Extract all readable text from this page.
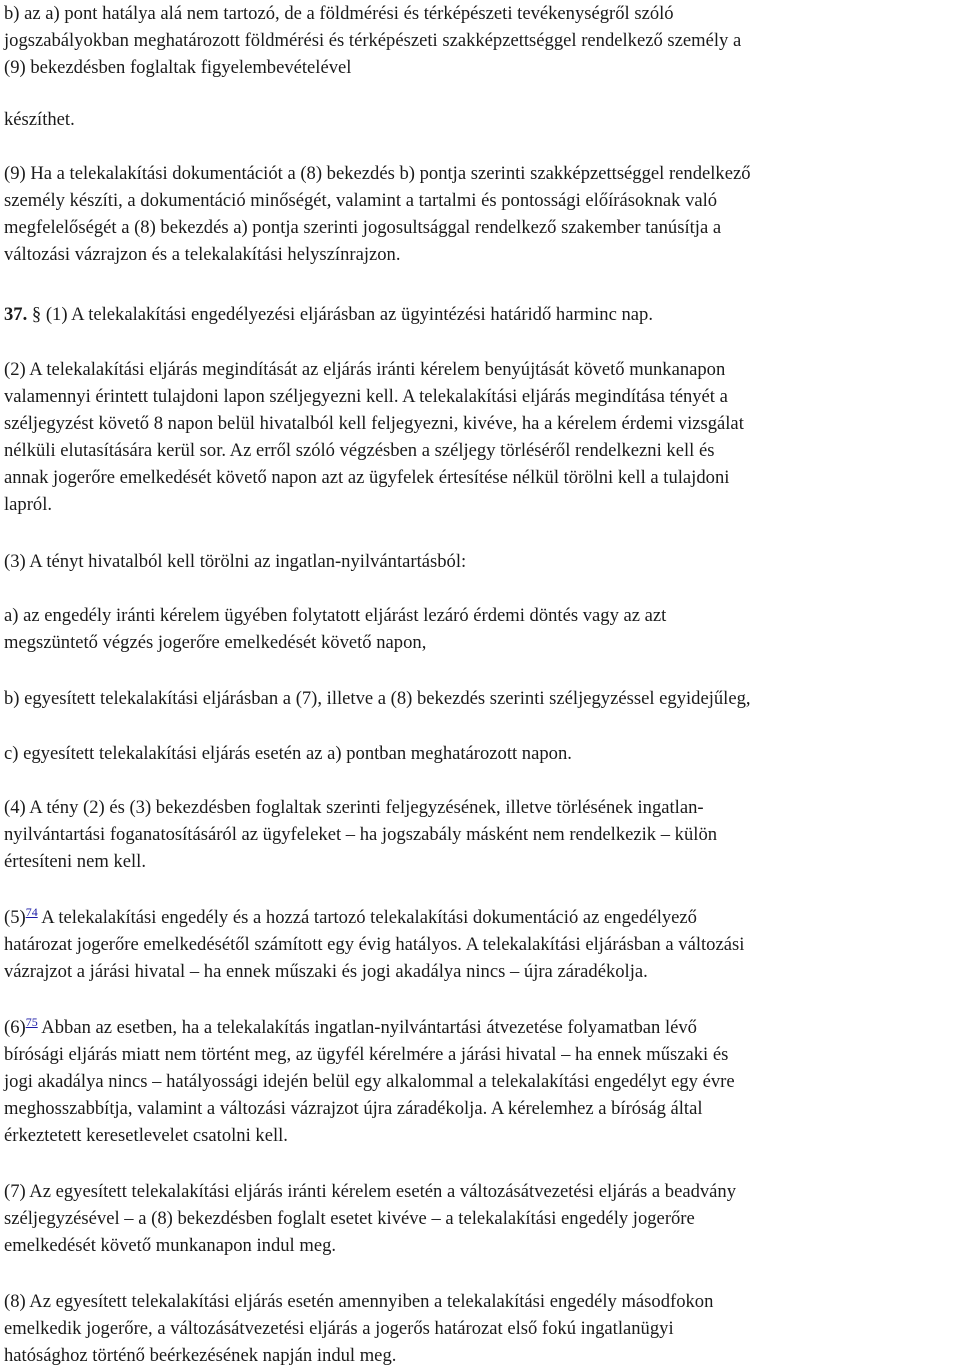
b) az a) pont hatálya alá nem tartozó, de a földmérési és térképészeti tevékenységről szóló
jogszabályokban meghatározott földmérési és térképészeti szakképzettséggel rendelkező személy a
(9) bekezdésben foglaltak figyelembevételével
készíthet.
(9) Ha a telekalakítási dokumentációt a (8) bekezdés b) pontja szerinti szakképzettséggel rendelkező
személy készíti, a dokumentáció minőségét, valamint a tartalmi és pontossági előírásoknak való
megfelelőségét a (8) bekezdés a) pontja szerinti jogosultsággal rendelkező szakember tanúsítja a
változási vázrajzon és a telekalakítási helyszínrajzon.
37. § (1) A telekalakítási engedélyezési eljárásban az ügyintézési határidő harminc nap.
(2) A telekalakítási eljárás megindítását az eljárás iránti kérelem benyújtását követő munkanapon
valamennyi érintett tulajdoni lapon széljegyezni kell. A telekalakítási eljárás megindítása tényét a
széljegyzést követő 8 napon belül hivatalból kell feljegyezni, kivéve, ha a kérelem érdemi vizsgálat
nélküli elutasítására kerül sor. Az erről szóló végzésben a széljegy törléséről rendelkezni kell és
annak jogerőre emelkedését követő napon azt az ügyfelek értesítése nélkül törölni kell a tulajdoni
lapról.
(3) A tényt hivatalból kell törölni az ingatlan-nyilvántartásból:
a) az engedély iránti kérelem ügyében folytatott eljárást lezáró érdemi döntés vagy az azt
megszüntető végzés jogerőre emelkedését követő napon,
b) egyesített telekalakítási eljárásban a (7), illetve a (8) bekezdés szerinti széljegyzéssel egyidejűleg,
c) egyesített telekalakítási eljárás esetén az a) pontban meghatározott napon.
(4) A tény (2) és (3) bekezdésben foglaltak szerinti feljegyzésének, illetve törlésének ingatlan-
nyilvántartási foganatosításáról az ügyfeleket – ha jogszabály másként nem rendelkezik – külön
értesíteni nem kell.
$(5)^{74}$ A telekalakítási engedély és a hozzá tartozó telekalakítási dokumentáció az engedélyező
határozat jogerőre emelkedésétől számított egy évig hatályos. A telekalakítási eljárásban a változási
vázrajzot a járási hivatal – ha ennek műszaki és jogi akadálya nincs – újra záradékolja.
$(6)^{75}$ Abban az esetben, ha a telekalakítás ingatlan-nyilvántartási átvezetése folyamatban lévő
bírósági eljárás miatt nem történt meg, az ügyfél kérelmére a járási hivatal – ha ennek műszaki és
jogi akadálya nincs – hatályossági idején belül egy alkalommal a telekalakítási engedélyt egy évre
meghosszabbítja, valamint a változási vázrajzot újra záradékolja. A kérelemhez a bíróság által
érkeztetett keresetlevelet csatolni kell.
(7) Az egyesített telekalakítási eljárás iránti kérelem esetén a változásátvezetési eljárás a beadvány
széljegyzésével – a (8) bekezdésben foglalt esetet kivéve – a telekalakítási engedély jogerőre
emelkedését követő munkanapon indul meg.
(8) Az egyesített telekalakítási eljárás esetén amennyiben a telekalakítási engedély másodfokon
emelkedik jogerőre, a változásátvezetési eljárás a jogerős határozat első fokú ingatlanügyi
hatósághoz történő beérkezésének napján indul meg.
